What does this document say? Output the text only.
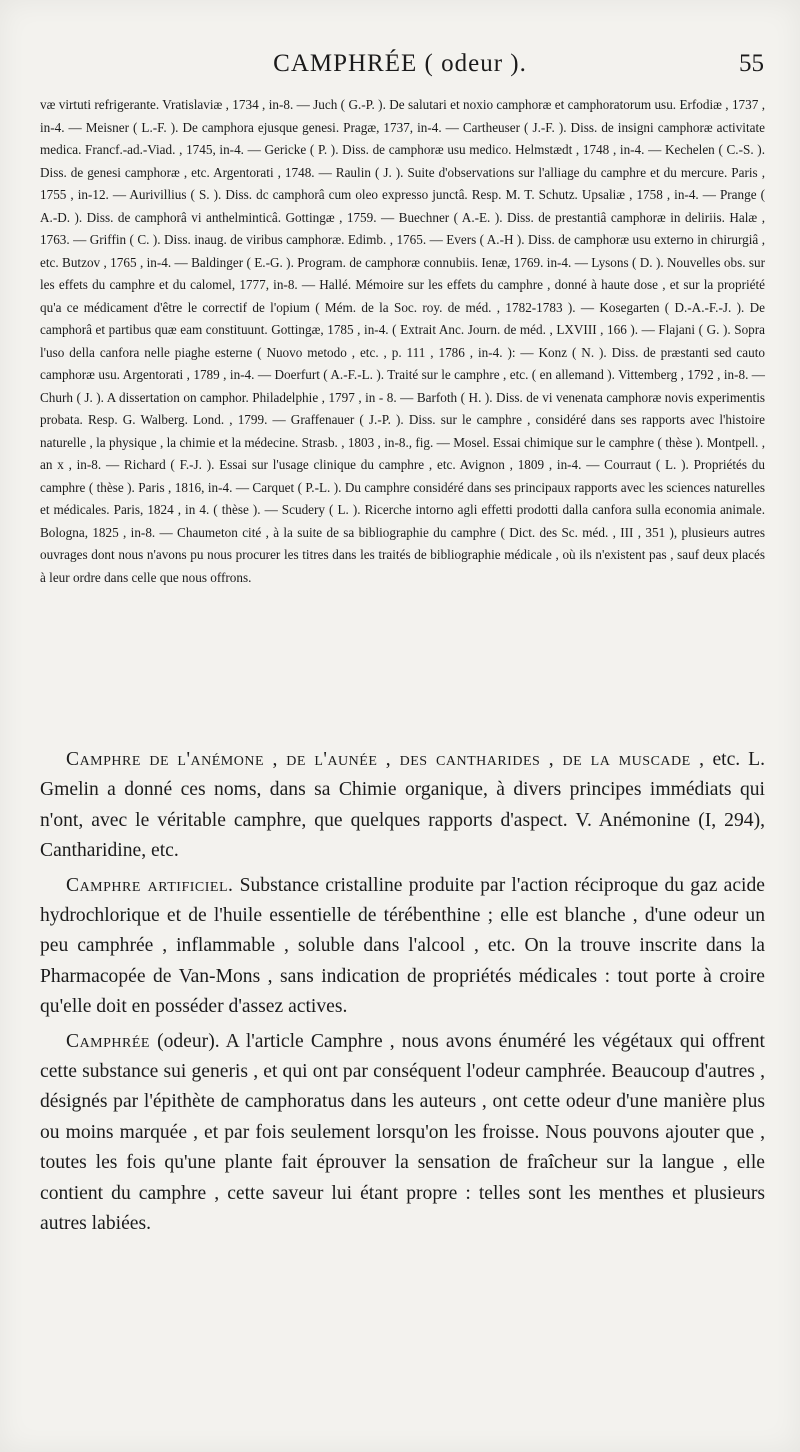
CAMPHRÉE ( odeur ).	55
væ virtuti refrigerante. Vratislaviæ , 1734 , in-8. — Juch ( G.-P. ). De salutari et noxio camphoræ et camphoratorum usu. Erfodiæ , 1737 , in-4. — Meisner ( L.-F. ). De camphora ejusque genesi. Pragæ, 1737, in-4. — Cartheuser ( J.-F. ). Diss. de insigni camphoræ activitate medica. Francf.-ad.-Viad. , 1745, in-4. — Gericke ( P. ). Diss. de camphoræ usu medico. Helmstædt , 1748 , in-4. — Kechelen ( C.-S. ). Diss. de genesi camphoræ , etc. Argentorati , 1748. — Raulin ( J. ). Suite d'observations sur l'alliage du camphre et du mercure. Paris , 1755 , in-12. — Aurivillius ( S. ). Diss. dc camphorâ cum oleo expresso junctâ. Resp. M. T. Schutz. Upsaliæ , 1758 , in-4. — Prange ( A.-D. ). Diss. de camphorâ vi anthelminticâ. Gottingæ , 1759. — Buechner ( A.-E. ). Diss. de prestantiâ camphoræ in deliriis. Halæ , 1763. — Griffin ( C. ). Diss. inaug. de viribus camphoræ. Edimb. , 1765. — Evers ( A.-H ). Diss. de camphoræ usu externo in chirurgiâ , etc. Butzov , 1765 , in-4. — Baldinger ( E.-G. ). Program. de camphoræ connubiis. Ienæ, 1769. in-4. — Lysons ( D. ). Nouvelles obs. sur les effets du camphre et du calomel, 1777, in-8. — Hallé. Mémoire sur les effets du camphre , donné à haute dose , et sur la propriété qu'a ce médicament d'être le correctif de l'opium ( Mém. de la Soc. roy. de méd. , 1782-1783 ). — Kosegarten ( D.-A.-F.-J. ). De camphorâ et partibus quæ eam constituunt. Gottingæ, 1785 , in-4. ( Extrait Anc. Journ. de méd. , LXVIII , 166 ). — Flajani ( G. ). Sopra l'uso della canfora nelle piaghe esterne ( Nuovo metodo , etc. , p. 111 , 1786 , in-4. ): — Konz ( N. ). Diss. de præstanti sed cauto camphoræ usu. Argentorati , 1789 , in-4. — Doerfurt ( A.-F.-L. ). Traité sur le camphre , etc. ( en allemand ). Vittemberg , 1792 , in-8. — Churh ( J. ). A dissertation on camphor. Philadelphie , 1797 , in - 8. — Barfoth ( H. ). Diss. de vi venenata camphoræ novis experimentis probata. Resp. G. Walberg. Lond. , 1799. — Graffenauer ( J.-P. ). Diss. sur le camphre , considéré dans ses rapports avec l'histoire naturelle , la physique , la chimie et la médecine. Strasb. , 1803 , in-8., fig. — Mosel. Essai chimique sur le camphre ( thèse ). Montpell. , an x , in-8. — Richard ( F.-J. ). Essai sur l'usage clinique du camphre , etc. Avignon , 1809 , in-4. — Courraut ( L. ). Propriétés du camphre ( thèse ). Paris , 1816, in-4. — Carquet ( P.-L. ). Du camphre considéré dans ses principaux rapports avec les sciences naturelles et médicales. Paris, 1824 , in 4. ( thèse ). — Scudery ( L. ). Ricerche intorno agli effetti prodotti dalla canfora sulla economia animale. Bologna, 1825 , in-8. — Chaumeton cité , à la suite de sa bibliographie du camphre ( Dict. des Sc. méd. , III , 351 ), plusieurs autres ouvrages dont nous n'avons pu nous procurer les titres dans les traités de bibliographie médicale , où ils n'existent pas , sauf deux placés à leur ordre dans celle que nous offrons.

Camphre de l'anémone , de l'aunée , des cantharides , de la muscade , etc. L. Gmelin a donné ces noms, dans sa Chimie organique, à divers principes immédiats qui n'ont, avec le véritable camphre, que quelques rapports d'aspect. V. Anémonine (I, 294), Cantharidine, etc.

Camphre artificiel. Substance cristalline produite par l'action réciproque du gaz acide hydrochlorique et de l'huile essentielle de térébenthine ; elle est blanche , d'une odeur un peu camphrée , inflammable , soluble dans l'alcool , etc. On la trouve inscrite dans la Pharmacopée de Van-Mons , sans indication de propriétés médicales : tout porte à croire qu'elle doit en posséder d'assez actives.

Camphrée (odeur). A l'article Camphre , nous avons énuméré les végétaux qui offrent cette substance sui generis , et qui ont par conséquent l'odeur camphrée. Beaucoup d'autres , désignés par l'épithète de camphoratus dans les auteurs , ont cette odeur d'une manière plus ou moins marquée , et par fois seulement lorsqu'on les froisse. Nous pouvons ajouter que , toutes les fois qu'une plante fait éprouver la sensation de fraîcheur sur la langue , elle contient du camphre , cette saveur lui étant propre : telles sont les menthes et plusieurs autres labiées.
